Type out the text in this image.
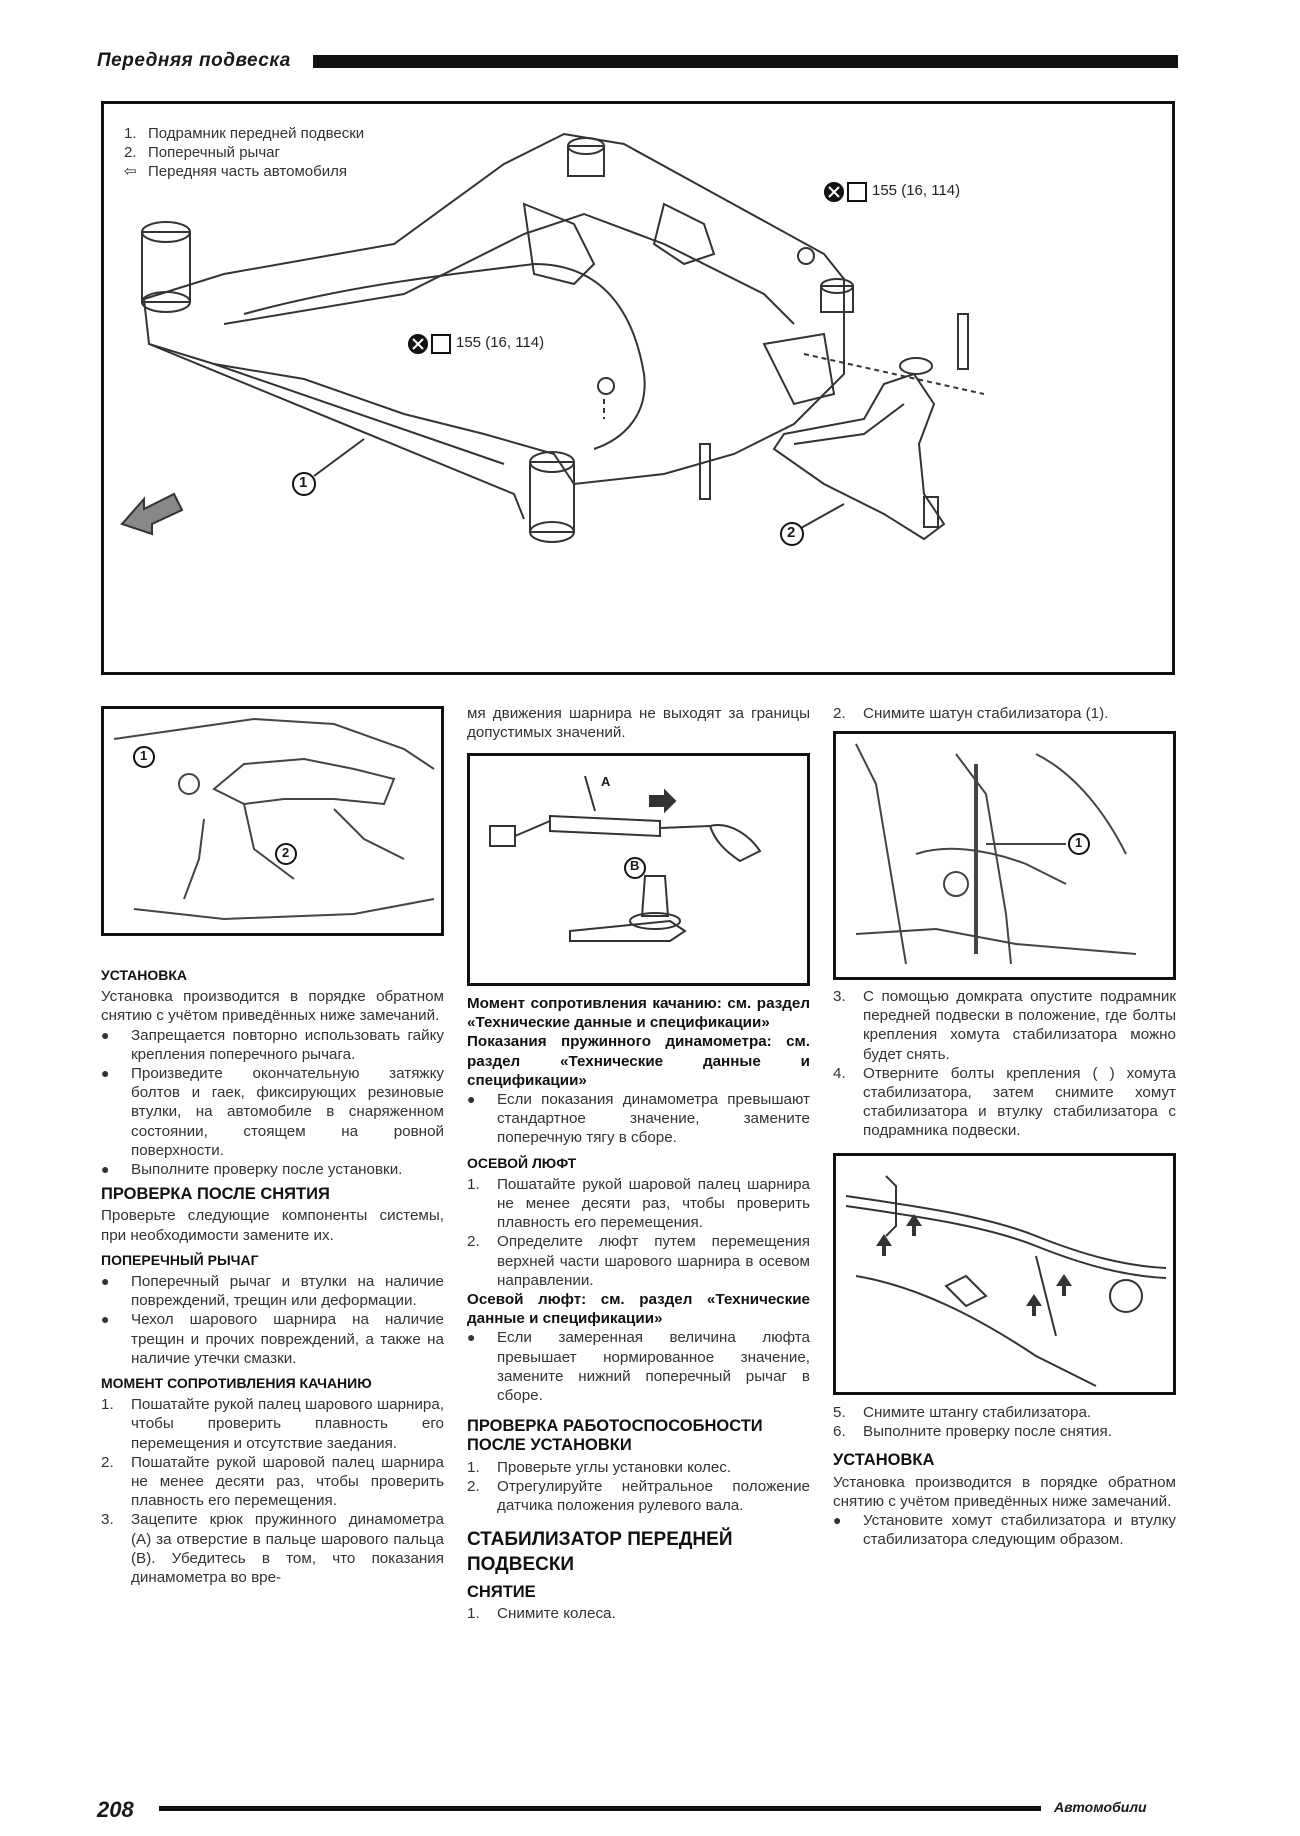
Передняя подвеска
1. Подрамник передней подвески
2. Поперечный рычаг
⇦ Передняя часть автомобиля
155 (16, 114)
155 (16, 114)
1
2
1
2
A
B
1
УСТАНОВКА

Установка производится в порядке обратном снятию с учётом приведённых ниже замечаний.

●	Запрещается повторно использовать гайку крепления поперечного рычага.
●	Произведите окончательную затяжку болтов и гаек, фиксирующих резиновые втулки, на автомобиле в снаряженном состоянии, стоящем на ровной поверхности.
●	Выполните проверку после установки.
ПРОВЕРКА ПОСЛЕ СНЯТИЯ

Проверьте следующие компоненты системы, при необходимости замените их.

ПОПЕРЕЧНЫЙ РЫЧАГ
●	Поперечный рычаг и втулки на наличие повреждений, трещин или деформации.
●	Чехол шарового шарнира на наличие трещин и прочих повреждений, а также на наличие утечки смазки.
МОМЕНТ СОПРОТИВЛЕНИЯ КАЧАНИЮ
1.	Пошатайте рукой палец шарового шарнира, чтобы проверить плавность его перемещения и отсутствие заедания.
2.	Пошатайте рукой шаровой палец шарнира не менее десяти раз, чтобы проверить плавность его перемещения.
3.	Зацепите крюк пружинного динамометра (A) за отверстие в пальце шарового пальца (B). Убедитесь в том, что показания динамометра во вре-

мя движения шарнира не выходят за границы допустимых значений.

Момент сопротивления качанию: см. раздел «Технические данные и спецификации»

Показания пружинного динамометра: см. раздел «Технические данные и спецификации»

●	Если показания динамометра превышают стандартное значение, замените поперечную тягу в сборе.
ОСЕВОЙ ЛЮФТ
1.	Пошатайте рукой шаровой палец шарнира не менее десяти раз, чтобы проверить плавность его перемещения.
2.	Определите люфт путем перемещения верхней части шарового шарнира в осевом направлении.

Осевой люфт: см. раздел «Технические данные и спецификации»

●	Если замеренная величина люфта превышает нормированное значение, замените нижний поперечный рычаг в сборе.
ПРОВЕРКА РАБОТОСПОСОБНОСТИ ПОСЛЕ УСТАНОВКИ
1.	Проверьте углы установки колес.
2.	Отрегулируйте нейтральное положение датчика положения рулевого вала.
СТАБИЛИЗАТОР ПЕРЕДНЕЙ ПОДВЕСКИ
СНЯТИЕ
1.	Снимите колеса.
2.	Снимите шатун стабилизатора (1).
3.	С помощью домкрата опустите подрамник передней подвески в положение, где болты крепления хомута стабилизатора можно будет снять.
4.	Отверните болты крепления ( ) хомута стабилизатора, затем снимите хомут стабилизатора и втулку стабилизатора с подрамника подвески.
5.	Снимите штангу стабилизатора.
6.	Выполните проверку после снятия.
УСТАНОВКА

Установка производится в порядке обратном снятию с учётом приведённых ниже замечаний.

●	Установите хомут стабилизатора и втулку стабилизатора следующим образом.
208	Автомобили
